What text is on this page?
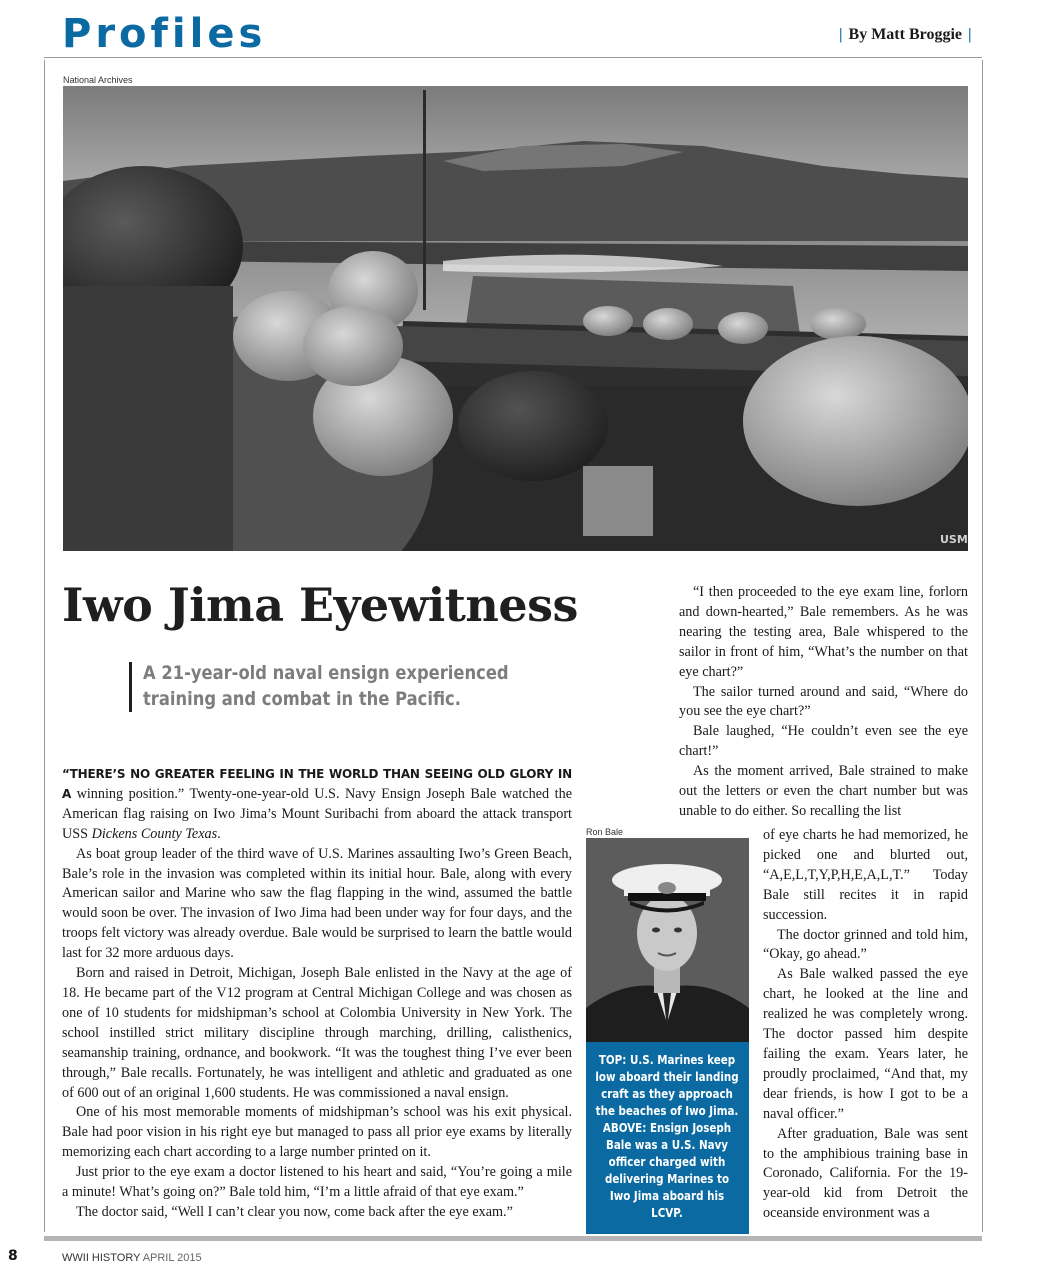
Profiles	| By Matt Broggie |
National Archives
USM
Iwo Jima Eyewitness
A 21-year-old naval ensign experienced training and combat in the Pacific.

“THERE’S NO GREATER FEELING IN THE WORLD THAN SEEING OLD GLORY IN A winning position.” Twenty-one-year-old U.S. Navy Ensign Joseph Bale watched the American flag raising on Iwo Jima’s Mount Suribachi from aboard the attack transport USS Dickens County Texas.

As boat group leader of the third wave of U.S. Marines assaulting Iwo’s Green Beach, Bale’s role in the invasion was completed within its initial hour. Bale, along with every American sailor and Marine who saw the flag flapping in the wind, assumed the battle would soon be over. The invasion of Iwo Jima had been under way for four days, and the troops felt victory was already overdue. Bale would be surprised to learn the battle would last for 32 more arduous days.

Born and raised in Detroit, Michigan, Joseph Bale enlisted in the Navy at the age of 18. He became part of the V12 program at Central Michigan College and was chosen as one of 10 students for midshipman’s school at Colombia University in New York. The school instilled strict military discipline through marching, drilling, calisthenics, seamanship training, ordnance, and bookwork. “It was the toughest thing I’ve ever been through,” Bale recalls. Fortunately, he was intelligent and athletic and graduated as one of 600 out of an original 1,600 students. He was commissioned a naval ensign.

One of his most memorable moments of midshipman’s school was his exit physical. Bale had poor vision in his right eye but managed to pass all prior eye exams by literally memorizing each chart according to a large number printed on it.

Just prior to the eye exam a doctor listened to his heart and said, “You’re going a mile a minute! What’s going on?” Bale told him, “I’m a little afraid of that eye exam.”

The doctor said, “Well I can’t clear you now, come back after the eye exam.”

“I then proceeded to the eye exam line, forlorn and down-hearted,” Bale remembers. As he was nearing the testing area, Bale whispered to the sailor in front of him, “What’s the number on that eye chart?”

The sailor turned around and said, “Where do you see the eye chart?”

Bale laughed, “He couldn’t even see the eye chart!”

As the moment arrived, Bale strained to make out the letters or even the chart number but was unable to do either. So recalling the list

Ron Bale
TOP: U.S. Marines keep low aboard their landing craft as they approach the beaches of Iwo Jima. ABOVE: Ensign Joseph Bale was a U.S. Navy officer charged with delivering Marines to Iwo Jima aboard his LCVP.

of eye charts he had memorized, he picked one and blurted out, “A,E,L,T,Y,P,H,E,A,L,T.” Today Bale still recites it in rapid succession.

The doctor grinned and told him, “Okay, go ahead.”

As Bale walked passed the eye chart, he looked at the line and realized he was completely wrong. The doctor passed him despite failing the exam. Years later, he proudly proclaimed, “And that, my dear friends, is how I got to be a naval officer.”

After graduation, Bale was sent to the amphibious training base in Coronado, California. For the 19-year-old kid from Detroit the oceanside environment was a

8	WWII HISTORY APRIL 2015
